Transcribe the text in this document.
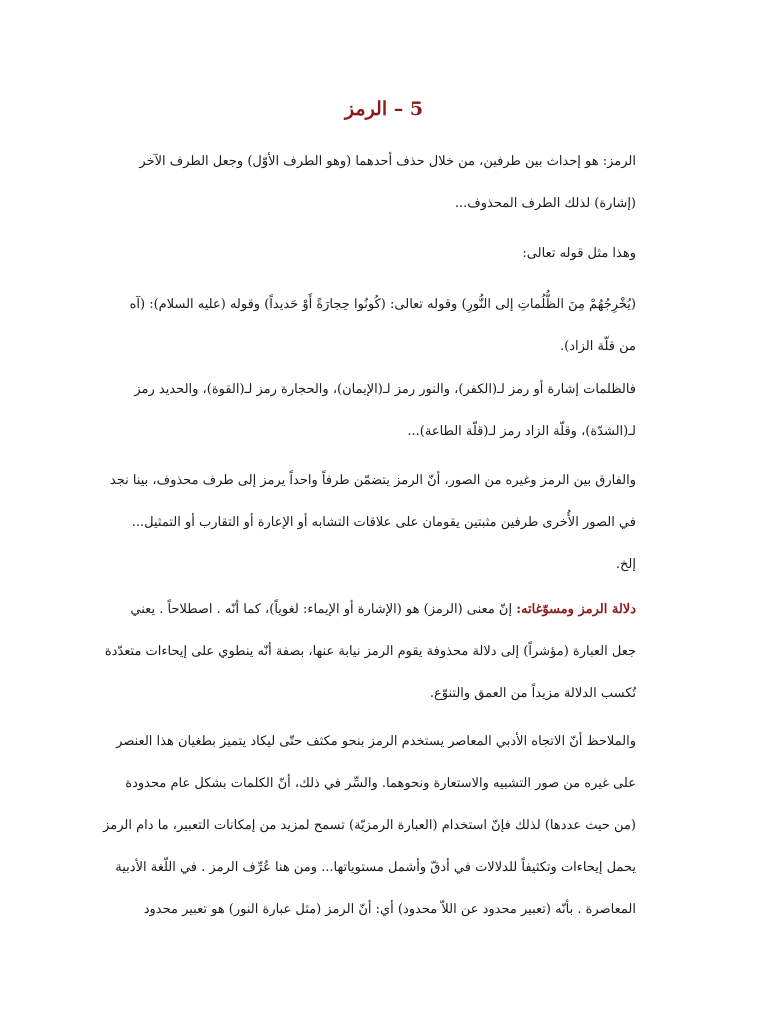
5 – الرمز
الرمز: هو إحداث بين طرفين، من خلال حذف أحدهما (وهو الطرف الأوّل) وجعل الطرف الآخر
(إشارة) لذلك الطرف المحذوف...
وهذا مثل قوله تعالى:
(يُخْرِجُهُمْ مِنَ الظُّلُماتِ إلى النُّورِ) وقوله تعالى: (كُونُوا حِجارَةً أَوْ حَديداً) وقوله (عليه السلام): (آه
من قلّة الزاد).
فالظلمات إشارة أو رمز لـ(الكفر)، والنور رمز لـ(الإيمان)، والحجارة رمز لـ(القوة)، والحديد رمز
لـ(الشدّة)، وقلّة الزاد رمز لـ(قلّة الطاعة)...
والفارق بين الرمز وغيره من الصور، أنّ الرمز يتضمّن طرفاً واحداً يرمز إلى طرف محذوف، بينا نجد
في الصور الأُخرى طرفين مثبتين يقومان على علاقات التشابه أو الإعارة أو التقارب أو التمثيل...
إلخ.
دلالة الرمز ومسوّغاته: إنّ معنى (الرمز) هو (الإشارة أو الإيماء: لغوياً)، كما أنّه . اصطلاحاً . يعني
جعل العبارة (مؤشراً) إلى دلالة محذوفة يقوم الرمز نيابة عنها، بصفة أنّه ينطوي على إيحاءات متعدّدة
تُكسب الدلالة مزيداً من العمق والتنوّع.
والملاحظ أنّ الاتجاه الأدبي المعاصر يستخدم الرمز بنحو مكثف حتّى ليكاد يتميز بطغيان هذا العنصر
على غيره من صور التشبيه والاستعارة ونحوهما. والسِّر في ذلك، أنّ الكلمات بشكل عام محدودة
(من حيث عددها) لذلك فإنّ استخدام (العبارة الرمزيّة) تسمح لمزيد من إمكانات التعبير، ما دام الرمز
يحمل إيحاءات وتكثيفاً للدلالات في أدقّ وأشمل مستوياتها... ومن هنا عُرِّف الرمز . في اللّغة الأدبية
المعاصرة . بأنّه (تعبير محدود عن اللاّ محدود) أي: أنّ الرمز (مثل عبارة النور) هو تعبير محدود
